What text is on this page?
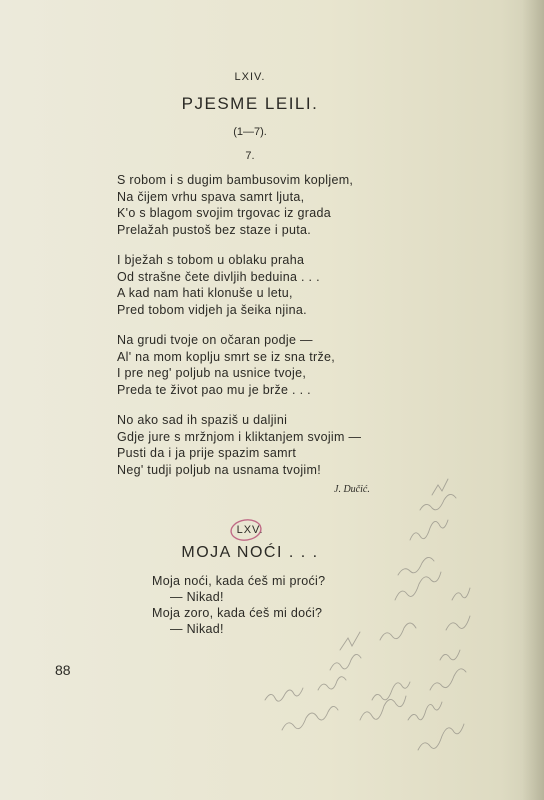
LXIV.
PJESME LEILI.
(1—7).
7.
S robom i s dugim bambusovim kopljem,
Na čijem vrhu spava samrt ljuta,
K'o s blagom svojim trgovac iz grada
Prelažah pustoš bez staze i puta.
I bježah s tobom u oblaku praha
Od strašne čete divljih beduina . . .
A kad nam hati klonuše u letu,
Pred tobom vidjeh ja šeika njina.
Na grudi tvoje on očaran podje —
Al' na mom koplju smrt se iz sna trže,
I pre neg' poljub na usnice tvoje,
Preda te život pao mu je brže . . .
No ako sad ih spaziš u daljini
Gdje jure s mržnjom i kliktanjem svojim —
Pusti da i ja prije spazim samrt
Neg' tudji poljub na usnama tvojim!
J. Dučić.
LXV.
MOJA NOĆI . . .
Moja noći, kada ćeš mi proći?
— Nikad!
Moja zoro, kada ćeš mi doći?
— Nikad!
88
